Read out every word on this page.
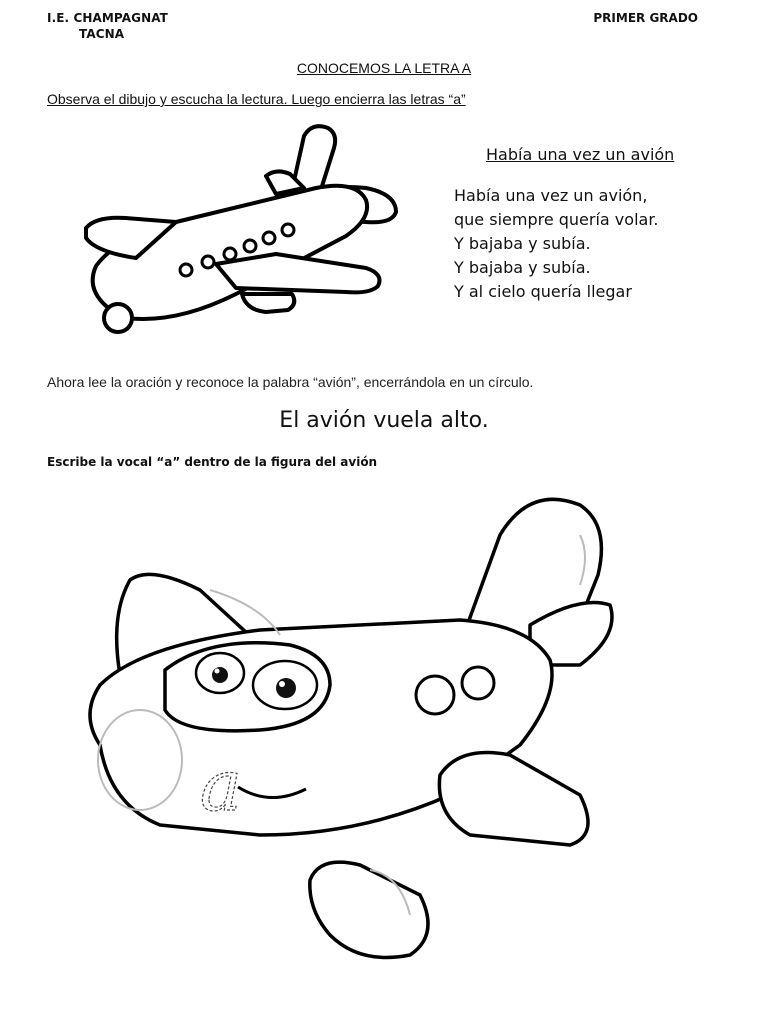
I.E. CHAMPAGNAT
TACNA
PRIMER GRADO
CONOCEMOS LA LETRA A
Observa el dibujo y escucha la lectura. Luego encierra las letras “a”
Había una vez un avión
Había una vez un avión,
que siempre quería volar.
Y bajaba y subía.
Y bajaba y subía.
Y al cielo quería llegar
Ahora lee la oración y reconoce la palabra “avión”, encerrándola en un círculo.
El avión vuela alto.
Escribe la vocal “a” dentro de la figura del avión
a
